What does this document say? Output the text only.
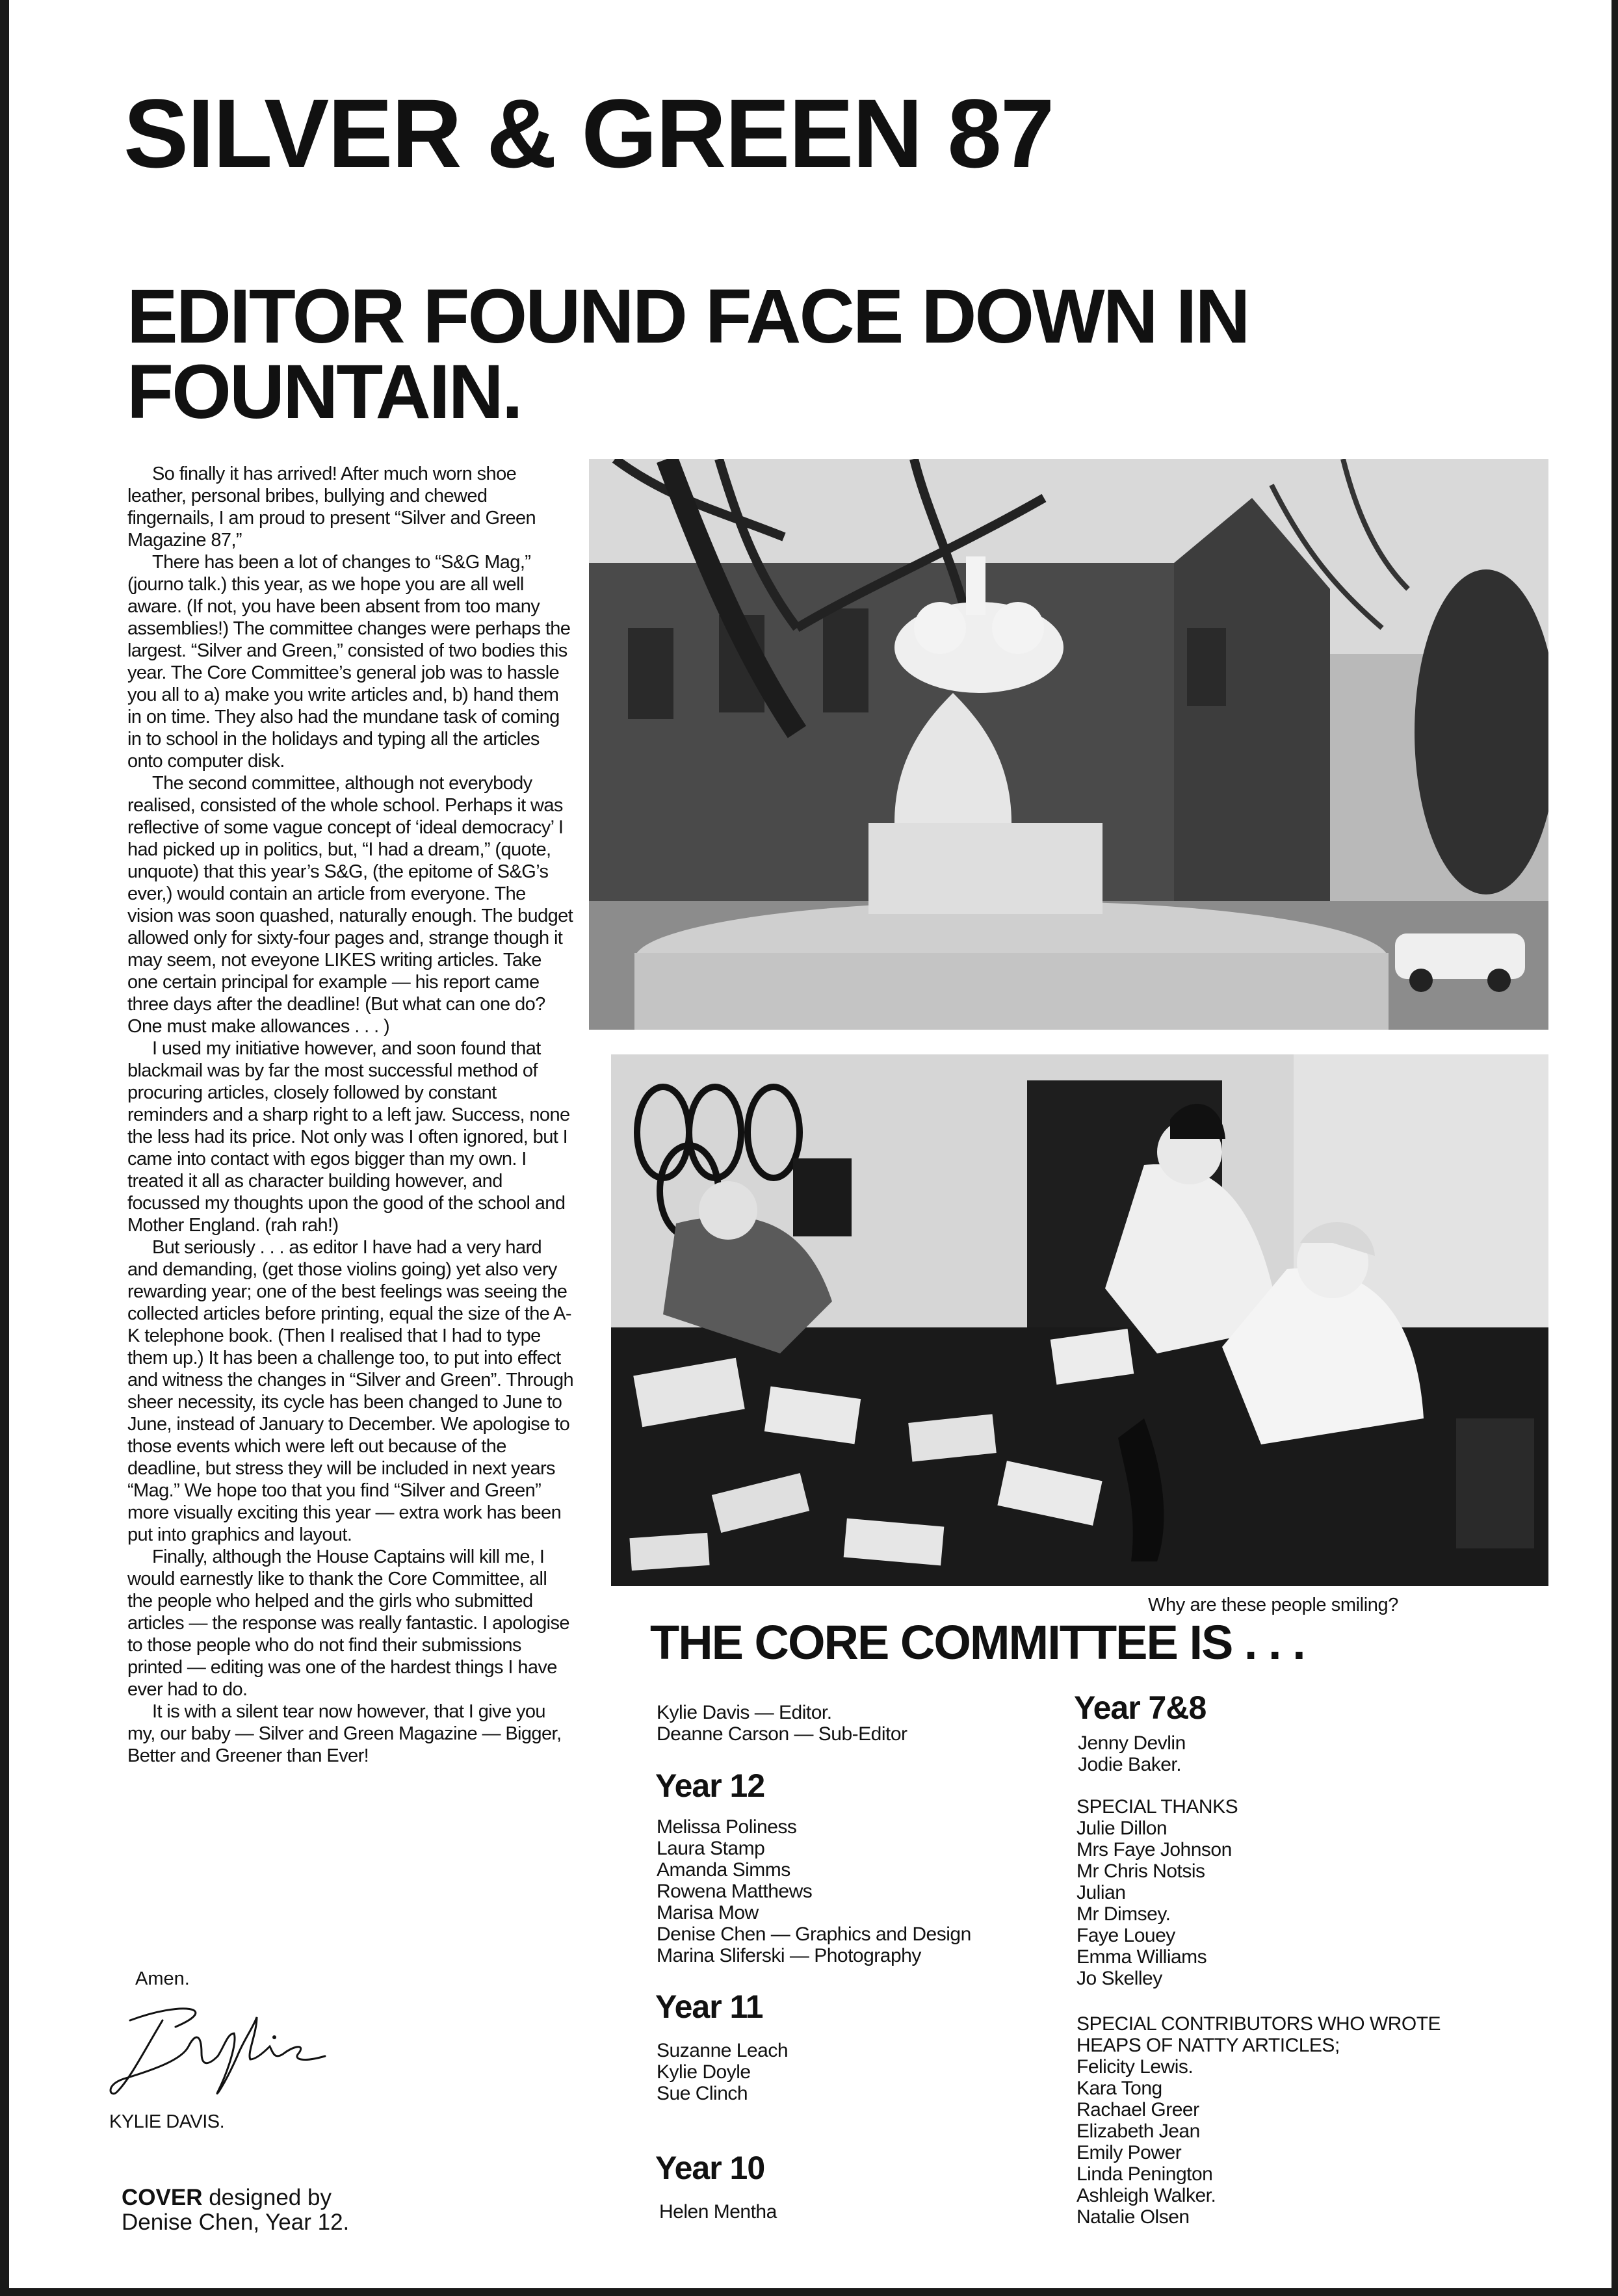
SILVER & GREEN 87
EDITOR FOUND FACE DOWN IN FOUNTAIN.

So finally it has arrived! After much worn shoe leather, personal bribes, bullying and chewed fingernails, I am proud to present “Silver and Green Magazine 87,”

There has been a lot of changes to “S&G Mag,” (journo talk.) this year, as we hope you are all well aware. (If not, you have been absent from too many assemblies!) The committee changes were perhaps the largest. “Silver and Green,” consisted of two bodies this year. The Core Committee’s general job was to hassle you all to a) make you write articles and, b) hand them in on time. They also had the mundane task of coming in to school in the holidays and typing all the articles onto computer disk.

The second committee, although not everybody realised, consisted of the whole school. Perhaps it was reflective of some vague concept of ‘ideal democracy’ I had picked up in politics, but, “I had a dream,” (quote, unquote) that this year’s S&G, (the epitome of S&G’s ever,) would contain an article from everyone. The vision was soon quashed, naturally enough. The budget allowed only for sixty-four pages and, strange though it may seem, not eveyone LIKES writing articles. Take one certain principal for example — his report came three days after the deadline! (But what can one do? One must make allowances . . . )

I used my initiative however, and soon found that blackmail was by far the most successful method of procuring articles, closely followed by constant reminders and a sharp right to a left jaw. Success, none the less had its price. Not only was I often ignored, but I came into contact with egos bigger than my own. I treated it all as character building however, and focussed my thoughts upon the good of the school and Mother England. (rah rah!)

But seriously . . . as editor I have had a very hard and demanding, (get those violins going) yet also very rewarding year; one of the best feelings was seeing the collected articles before printing, equal the size of the A-K telephone book. (Then I realised that I had to type them up.) It has been a challenge too, to put into effect and witness the changes in “Silver and Green”. Through sheer necessity, its cycle has been changed to June to June, instead of January to December. We apologise to those events which were left out because of the deadline, but stress they will be included in next years “Mag.” We hope too that you find “Silver and Green” more visually exciting this year — extra work has been put into graphics and layout.

Finally, although the House Captains will kill me, I would earnestly like to thank the Core Committee, all the people who helped and the girls who submitted articles — the response was really fantastic. I apologise to those people who do not find their submissions printed — editing was one of the hardest things I have ever had to do.

It is with a silent tear now however, that I give you my, our baby — Silver and Green Magazine — Bigger, Better and Greener than Ever!

Amen.
KYLIE DAVIS.
COVER designed by
Denise Chen, Year 12.
Why are these people smiling?
THE CORE COMMITTEE IS . . .
Kylie Davis — Editor.
Deanne Carson — Sub-Editor
Year 12
Melissa Poliness
Laura Stamp
Amanda Simms
Rowena Matthews
Marisa Mow
Denise Chen — Graphics and Design
Marina Sliferski — Photography
Year 11
Suzanne Leach
Kylie Doyle
Sue Clinch
Year 10
Helen Mentha
Year 7&8
Jenny Devlin
Jodie Baker.
SPECIAL THANKS
Julie Dillon
Mrs Faye Johnson
Mr Chris Notsis
Julian
Mr Dimsey.
Faye Louey
Emma Williams
Jo Skelley
SPECIAL CONTRIBUTORS WHO WROTE
HEAPS OF NATTY ARTICLES;
Felicity Lewis.
Kara Tong
Rachael Greer
Elizabeth Jean
Emily Power
Linda Penington
Ashleigh Walker.
Natalie Olsen
